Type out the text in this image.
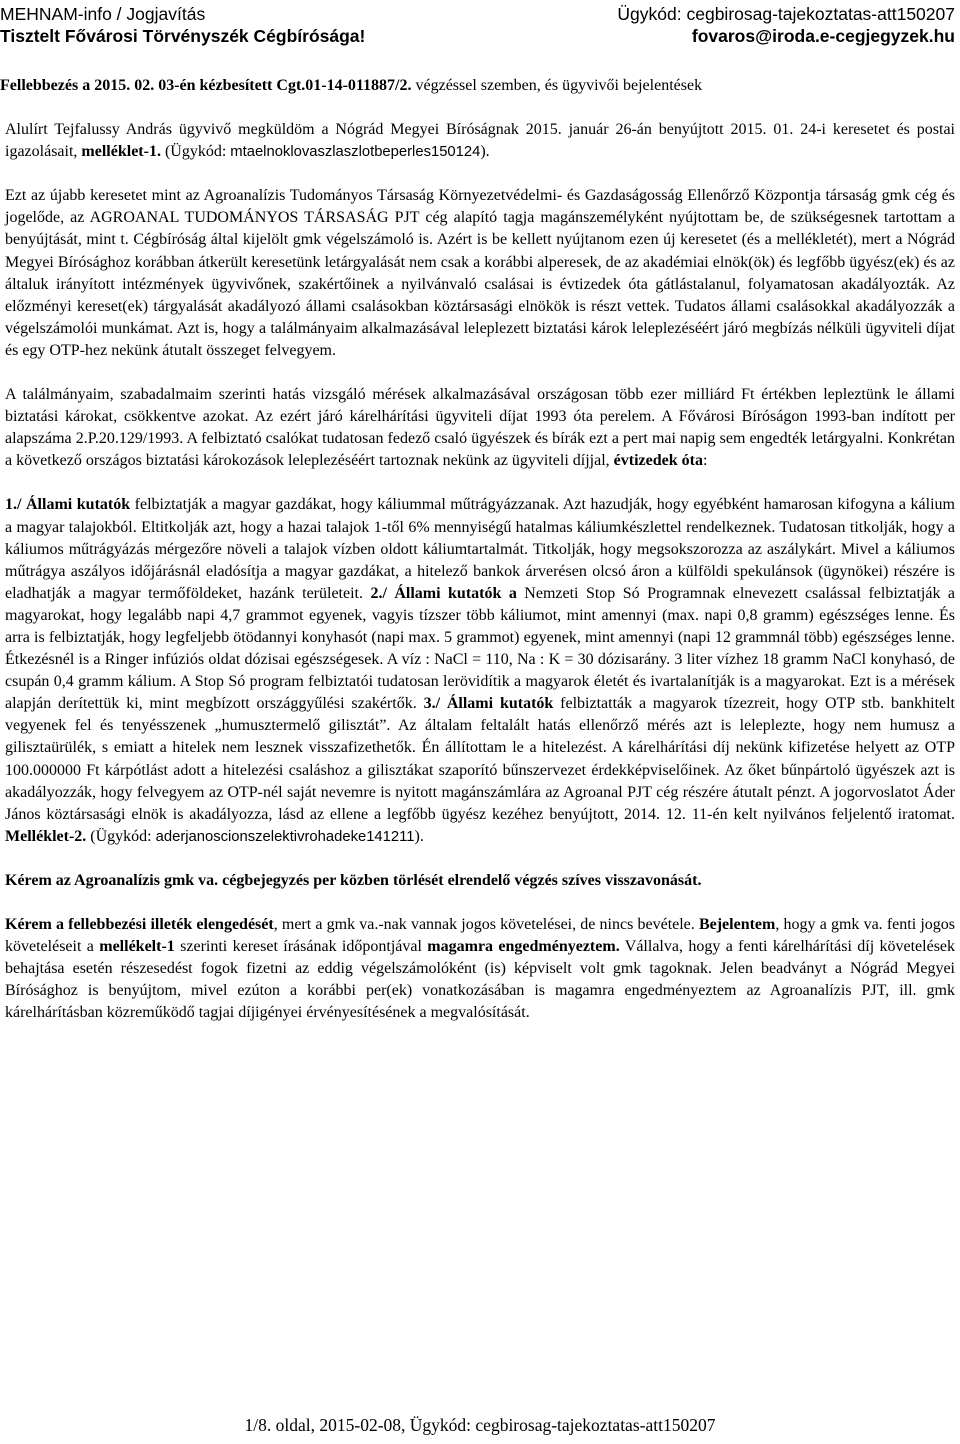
MEHNAM-info / Jogjavítás	Ügykód: cegbirosag-tajekoztatas-att150207
Tisztelt Fővárosi Törvényszék Cégbírósága!	fovaros@iroda.e-cegjegyzek.hu

Fellebbezés a 2015. 02. 03-én kézbesített Cgt.01-14-011887/2. végzéssel szemben, és ügyvivői bejelentések

Alulírt Tejfalussy András ügyvivő megküldöm a Nógrád Megyei Bíróságnak 2015. január 26-án benyújtott 2015. 01. 24-i keresetet és postai igazolásait, melléklet-1. (Ügykód: mtaelnoklovaszlaszlotbeperles150124).

Ezt az újabb keresetet mint az Agroanalízis Tudományos Társaság Környezetvédelmi- és Gazdaságosság Ellenőrző Központja társaság gmk cég és jogelőde, az AGROANAL TUDOMÁNYOS TÁRSASÁG PJT cég alapító tagja magánszemélyként nyújtottam be, de szükségesnek tartottam a benyújtását, mint t. Cégbíróság által kijelölt gmk végelszámoló is. Azért is be kellett nyújtanom ezen új keresetet (és a mellékletét), mert a Nógrád Megyei Bírósághoz korábban átkerült keresetünk letárgyalását nem csak a korábbi alperesek, de az akadémiai elnök(ök) és legfőbb ügyész(ek) és az általuk irányított intézmények ügyvivőnek, szakértőinek a nyilvánvaló csalásai is évtizedek óta gátlástalanul, folyamatosan akadályozták. Az előzményi kereset(ek) tárgyalását akadályozó állami csalásokban köztársasági elnökök is részt vettek. Tudatos állami csalásokkal akadályozzák a végelszámolói munkámat. Azt is, hogy a találmányaim alkalmazásával leleplezett biztatási károk leleplezéséért járó megbízás nélküli ügyviteli díjat és egy OTP-hez nekünk átutalt összeget felvegyem.

A találmányaim, szabadalmaim szerinti hatás vizsgáló mérések alkalmazásával országosan több ezer milliárd Ft értékben lepleztünk le állami biztatási károkat, csökkentve azokat. Az ezért járó kárelhárítási ügyviteli díjat 1993 óta perelem. A Fővárosi Bíróságon 1993-ban indított per alapszáma 2.P.20.129/1993. A felbiztató csalókat tudatosan fedező csaló ügyészek és bírák ezt a pert mai napig sem engedték letárgyalni. Konkrétan a következő országos biztatási károkozások leleplezéséért tartoznak nekünk az ügyviteli díjjal, évtizedek óta:

1./ Állami kutatók felbiztatják a magyar gazdákat, hogy káliummal műtrágyázzanak. Azt hazudják, hogy egyébként hamarosan kifogyna a kálium a magyar talajokból. Eltitkolják azt, hogy a hazai talajok 1-től 6% mennyiségű hatalmas káliumkészlettel rendelkeznek. Tudatosan titkolják, hogy a káliumos műtrágyázás mérgezőre növeli a talajok vízben oldott káliumtartalmát. Titkolják, hogy megsokszorozza az aszálykárt. Mivel a káliumos műtrágya aszályos időjárásnál eladósítja a magyar gazdákat, a hitelező bankok árverésen olcsó áron a külföldi spekulánsok (ügynökei) részére is eladhatják a magyar termőföldeket, hazánk területeit. 2./ Állami kutatók a Nemzeti Stop Só Programnak elnevezett csalással felbiztatják a magyarokat, hogy legalább napi 4,7 grammot egyenek, vagyis tízszer több káliumot, mint amennyi (max. napi 0,8 gramm) egészséges lenne. És arra is felbiztatják, hogy legfeljebb ötödannyi konyhasót (napi max. 5 grammot) egyenek, mint amennyi (napi 12 grammnál több) egészséges lenne. Étkezésnél is a Ringer infúziós oldat dózisai egészségesek. A víz : NaCl = 110, Na : K = 30 dózisarány. 3 liter vízhez 18 gramm NaCl konyhasó, de csupán 0,4 gramm kálium. A Stop Só program felbiztatói tudatosan lerövidítik a magyarok életét és ivartalanítják is a magyarokat. Ezt is a mérések alapján derítettük ki, mint megbízott országgyűlési szakértők. 3./ Állami kutatók felbiztatták a magyarok tízezreit, hogy OTP stb. bankhitelt vegyenek fel és tenyésszenek „humusztermelő gilisztát”. Az általam feltalált hatás ellenőrző mérés azt is leleplezte, hogy nem humusz a gilisztaürülék, s emiatt a hitelek nem lesznek visszafizethetők. Én állítottam le a hitelezést. A kárelhárítási díj nekünk kifizetése helyett az OTP 100.000000 Ft kárpótlást adott a hitelezési csaláshoz a gilisztákat szaporító bűnszervezet érdekképviselőinek. Az őket bűnpártoló ügyészek azt is akadályozzák, hogy felvegyem az OTP-nél saját nevemre is nyitott magánszámlára az Agroanal PJT cég részére átutalt pénzt. A jogorvoslatot Áder János köztársasági elnök is akadályozza, lásd az ellene a legfőbb ügyész kezéhez benyújtott, 2014. 12. 11-én kelt nyilvános feljelentő iratomat. Melléklet-2. (Ügykód: aderjanoscionszelektivrohadeke141211).

Kérem az Agroanalízis gmk va. cégbejegyzés per közben törlését elrendelő végzés szíves visszavonását.

Kérem a fellebbezési illeték elengedését, mert a gmk va.-nak vannak jogos követelései, de nincs bevétele. Bejelentem, hogy a gmk va. fenti jogos követeléseit a mellékelt-1 szerinti kereset írásának időpontjával magamra engedményeztem. Vállalva, hogy a fenti kárelhárítási díj követelések behajtása esetén részesedést fogok fizetni az eddig végelszámolóként (is) képviselt volt gmk tagoknak. Jelen beadványt a Nógrád Megyei Bírósághoz is benyújtom, mivel ezúton a korábbi per(ek) vonatkozásában is magamra engedményeztem az Agroanalízis PJT, ill. gmk kárelhárításban közreműködő tagjai díjigényei érvényesítésének a megvalósítását.

1/8. oldal, 2015-02-08, Ügykód: cegbirosag-tajekoztatas-att150207
